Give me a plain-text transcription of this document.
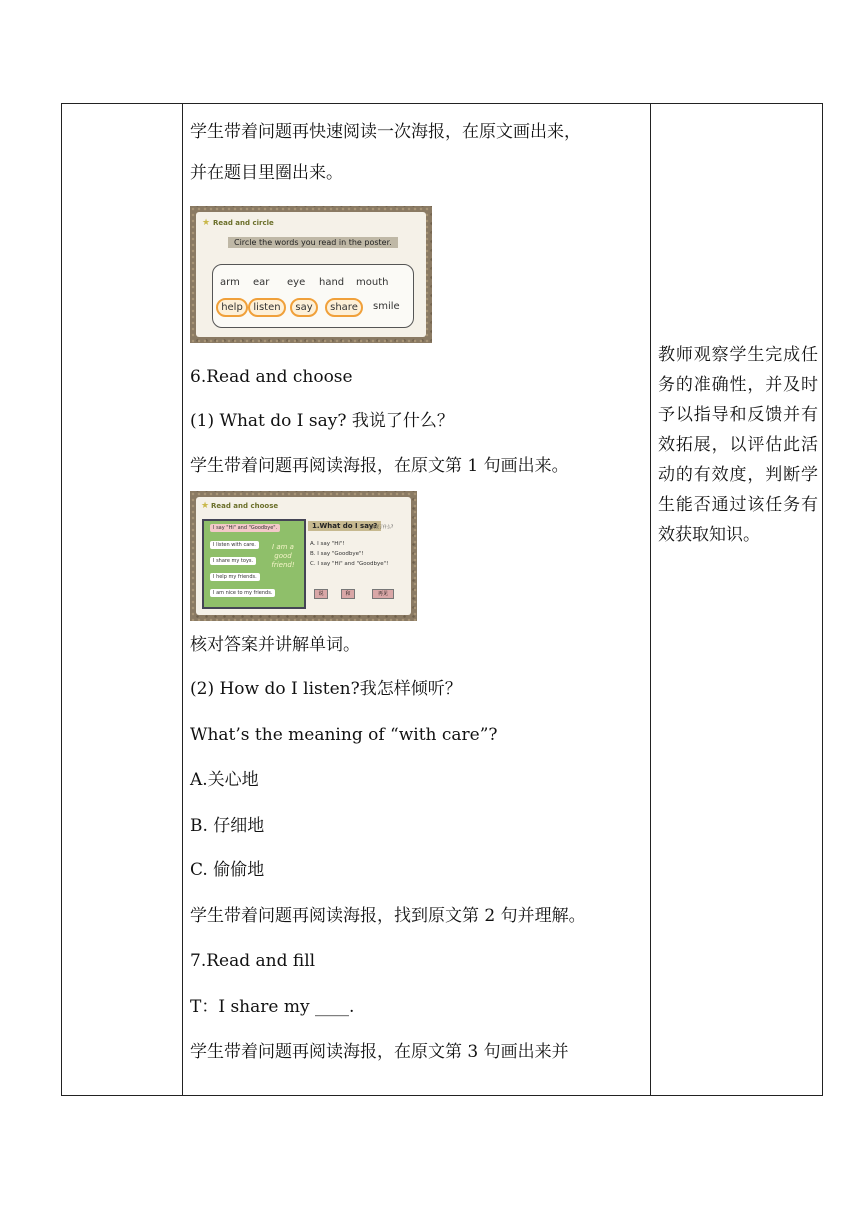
学生带着问题再快速阅读一次海报，在原文画出来，
并在题目里圈出来。
★ Read and circle
Circle the words you read in the poster.
arm ear eye hand mouth
help	listen	say	share	smile
6.Read and choose
(1) What do I say? 我说了什么？
学生带着问题再阅读海报，在原文第 1 句画出来。
★ Read and choose
I say "Hi" and "Goodbye".
I listen with care.
I share my toys.
I help my friends.
I am nice to my friends.
I am a good friend!
1.What do I say?
我说了什么?
A. I say "Hi"!
B. I say "Goodbye"!
C. I say "Hi" and "Goodbye"!
说	和	再见
核对答案并讲解单词。
(2) How do I listen?我怎样倾听？
What’s the meaning of “with care”?
A.关心地
B. 仔细地
C. 偷偷地
学生带着问题再阅读海报，找到原文第 2 句并理解。
7.Read and fill
T：I share my ____.
学生带着问题再阅读海报，在原文第 3 句画出来并
教师观察学生完成任务的准确性，并及时予以指导和反馈并有效拓展，以评估此活动的有效度，判断学生能否通过该任务有效获取知识。
